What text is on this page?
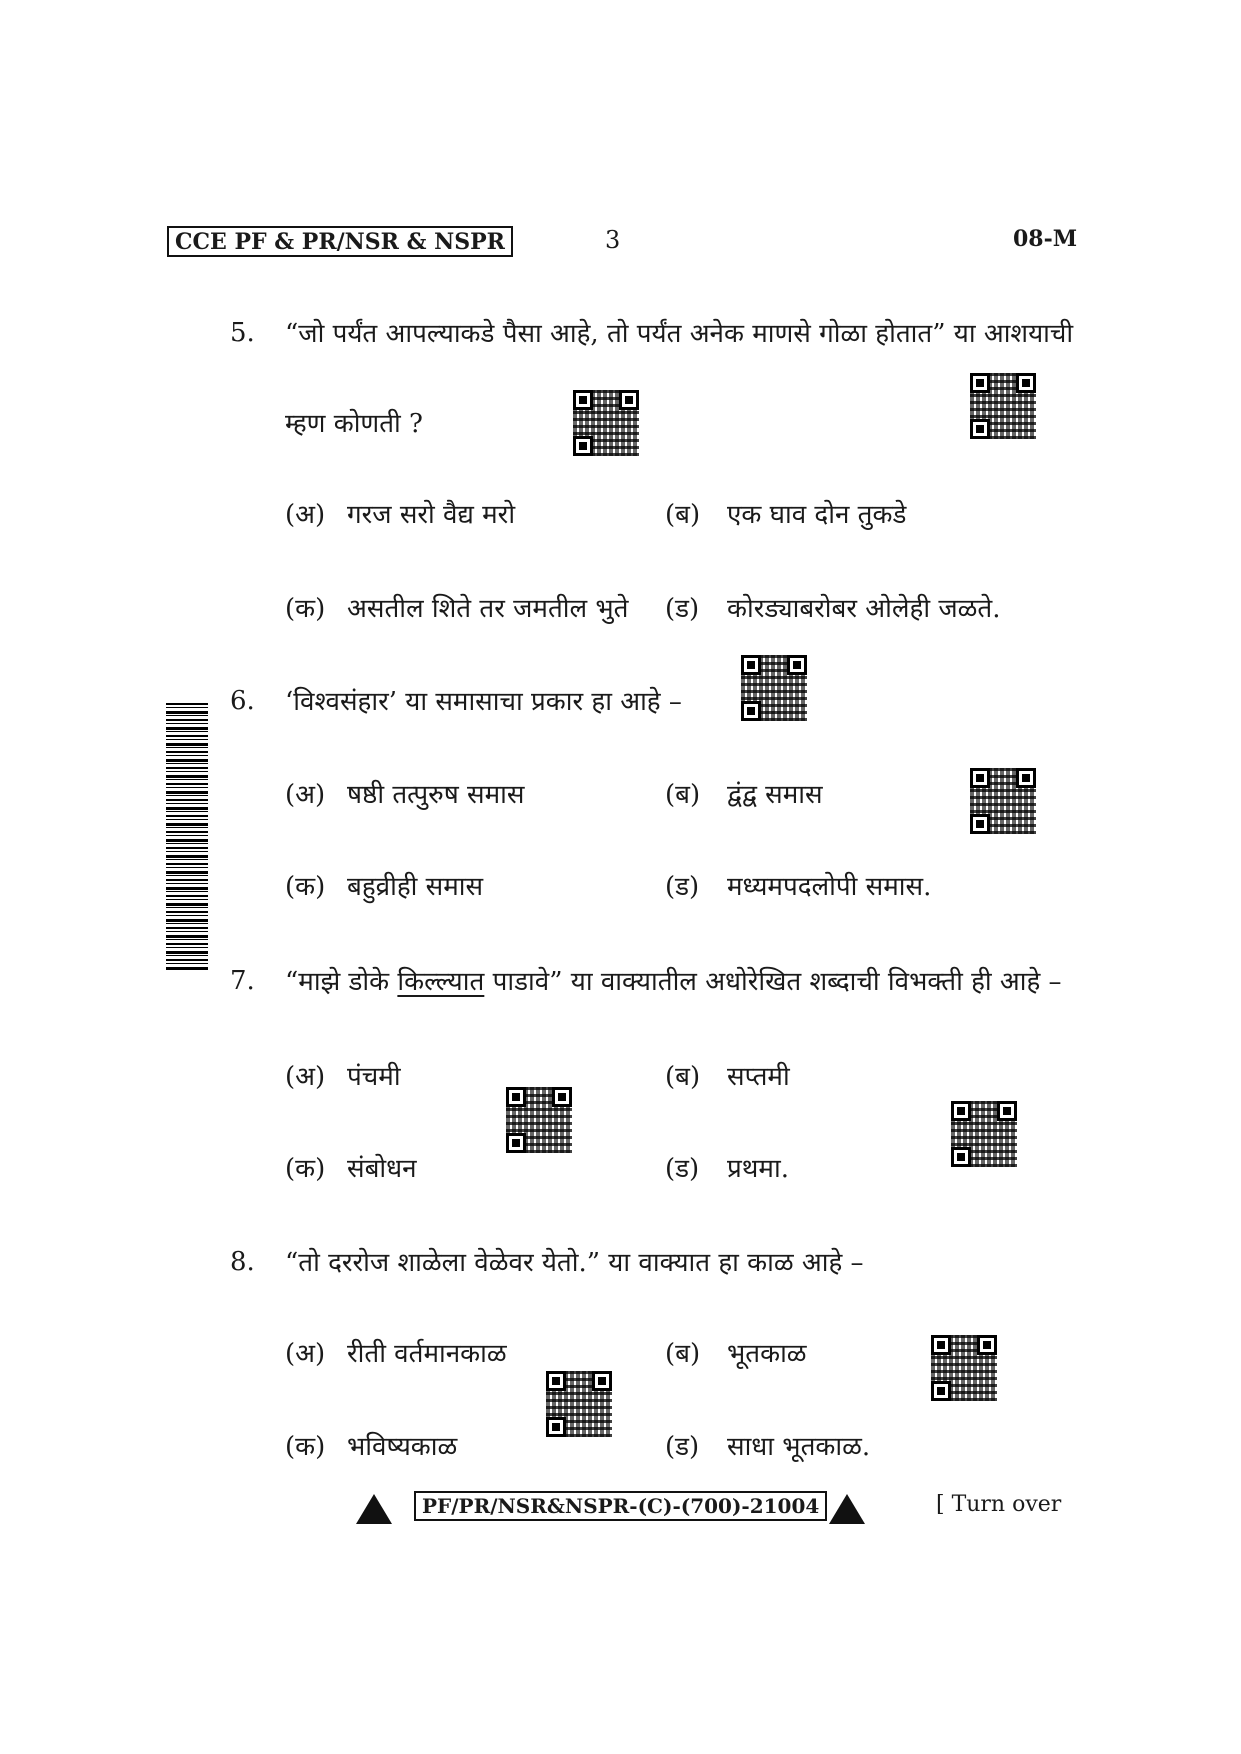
CCE PF & PR/NSR & NSPR	3	08-M
5. “जो पर्यंत आपल्याकडे पैसा आहे, तो पर्यंत अनेक माणसे गोळा होतात” या आशयाची
म्हण कोणती ?
(अ) गरज सरो वैद्य मरो	(ब) एक घाव दोन तुकडे
(क) असतील शिते तर जमतील भुते (ड) कोरड्याबरोबर ओलेही जळते.
6. ‘विश्वसंहार’ या समासाचा प्रकार हा आहे –
(अ) षष्ठी तत्पुरुष समास	(ब) द्वंद्व समास
(क) बहुव्रीही समास	(ड) मध्यमपदलोपी समास.
7. “माझे डोके किल्ल्यात पाडावे” या वाक्यातील अधोरेखित शब्दाची विभक्ती ही आहे –
(अ) पंचमी	(ब) सप्तमी
(क) संबोधन	(ड) प्रथमा.
8. “तो दररोज शाळेला वेळेवर येतो.” या वाक्यात हा काळ आहे –
(अ) रीती वर्तमानकाळ	(ब) भूतकाळ
(क) भविष्यकाळ	(ड) साधा भूतकाळ.
PF/PR/NSR&NSPR-(C)-(700)-21004	[ Turn over
